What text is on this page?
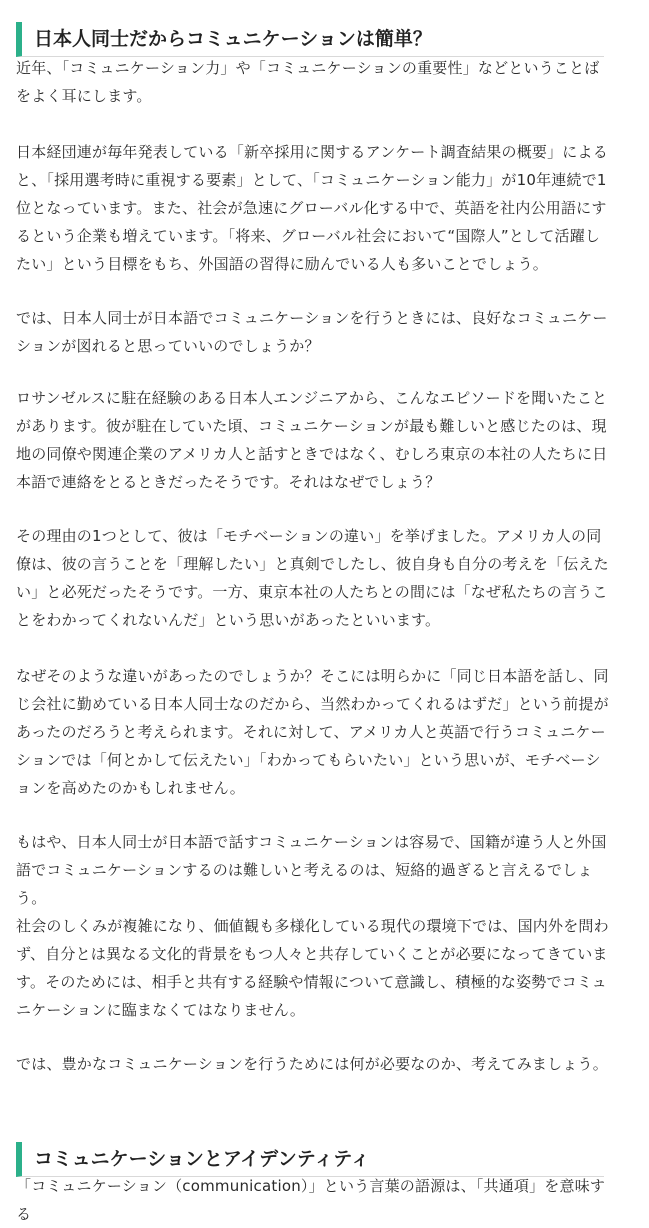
日本人同士だからコミュニケーションは簡単？

近年、「コミュニケーション力」や「コミュニケーションの重要性」などということばをよく耳にします。

日本経団連が毎年発表している「新卒採用に関するアンケート調査結果の概要」によると、「採用選考時に重視する要素」として、「コミュニケーション能力」が10年連続で1位となっています。また、社会が急速にグローバル化する中で、英語を社内公用語にするという企業も増えています。「将来、グローバル社会において“国際人”として活躍したい」という目標をもち、外国語の習得に励んでいる人も多いことでしょう。

では、日本人同士が日本語でコミュニケーションを行うときには、良好なコミュニケーションが図れると思っていいのでしょうか？

ロサンゼルスに駐在経験のある日本人エンジニアから、こんなエピソードを聞いたことがあります。彼が駐在していた頃、コミュニケーションが最も難しいと感じたのは、現地の同僚や関連企業のアメリカ人と話すときではなく、むしろ東京の本社の人たちに日本語で連絡をとるときだったそうです。それはなぜでしょう？

その理由の1つとして、彼は「モチベーションの違い」を挙げました。アメリカ人の同僚は、彼の言うことを「理解したい」と真剣でしたし、彼自身も自分の考えを「伝えたい」と必死だったそうです。一方、東京本社の人たちとの間には「なぜ私たちの言うことをわかってくれないんだ」という思いがあったといいます。

なぜそのような違いがあったのでしょうか？そこには明らかに「同じ日本語を話し、同じ会社に勤めている日本人同士なのだから、当然わかってくれるはずだ」という前提があったのだろうと考えられます。それに対して、アメリカ人と英語で行うコミュニケーションでは「何とかして伝えたい」「わかってもらいたい」という思いが、モチベーションを高めたのかもしれません。

もはや、日本人同士が日本語で話すコミュニケーションは容易で、国籍が違う人と外国語でコミュニケーションするのは難しいと考えるのは、短絡的過ぎると言えるでしょう。

社会のしくみが複雑になり、価値観も多様化している現代の環境下では、国内外を問わず、自分とは異なる文化的背景をもつ人々と共存していくことが必要になってきています。そのためには、相手と共有する経験や情報について意識し、積極的な姿勢でコミュニケーションに臨まなくてはなりません。

では、豊かなコミュニケーションを行うためには何が必要なのか、考えてみましょう。

コミュニケーションとアイデンティティ

「コミュニケーション（communication）」という言葉の語源は、「共通項」を意味する
